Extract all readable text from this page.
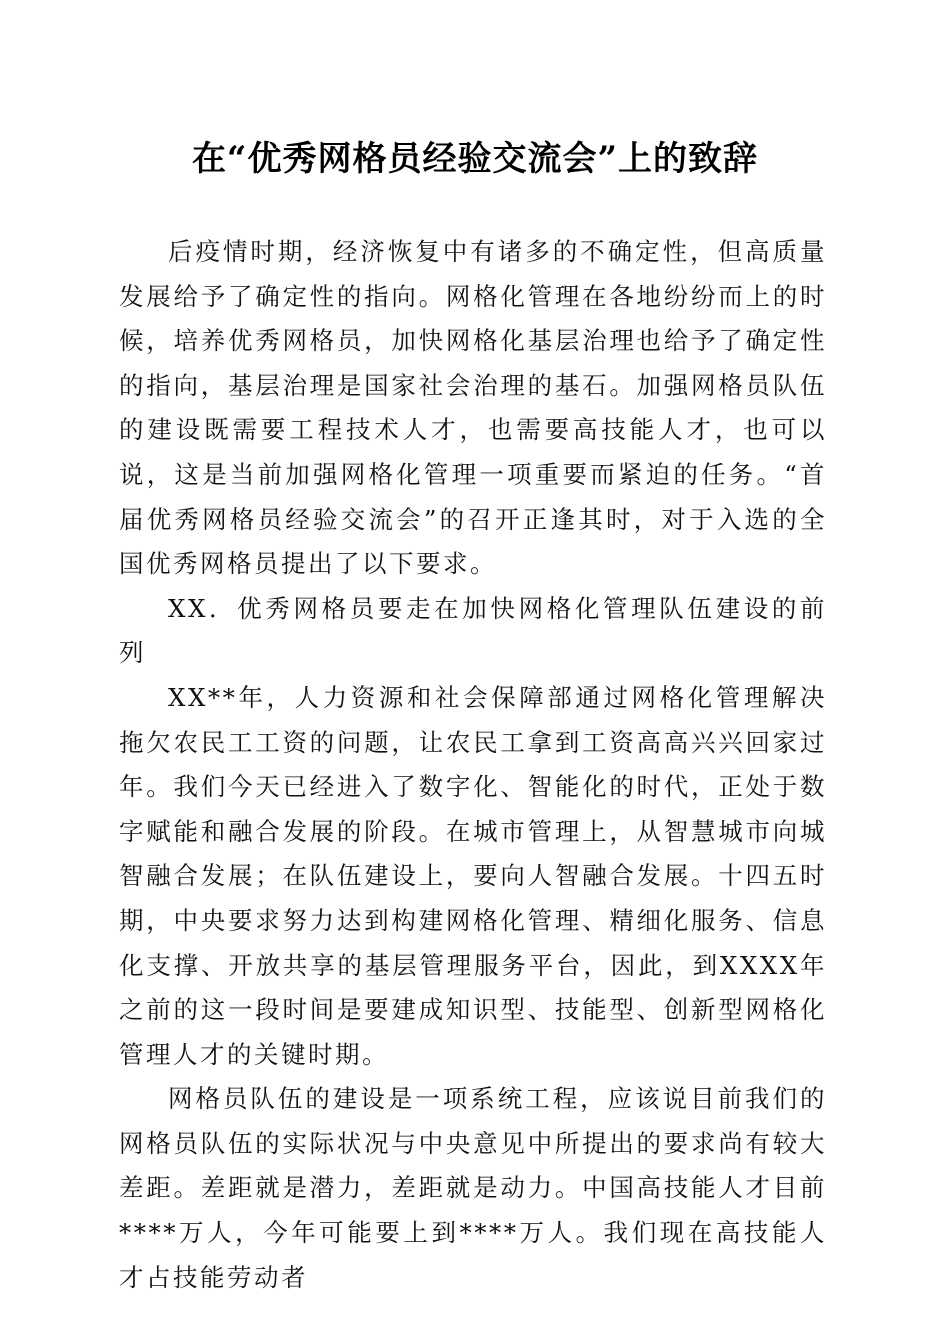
在“优秀网格员经验交流会”上的致辞

后疫情时期，经济恢复中有诸多的不确定性，但高质量发展给予了确定性的指向。网格化管理在各地纷纷而上的时候，培养优秀网格员，加快网格化基层治理也给予了确定性的指向，基层治理是国家社会治理的基石。加强网格员队伍的建设既需要工程技术人才，也需要高技能人才，也可以说，这是当前加强网格化管理一项重要而紧迫的任务。“首届优秀网格员经验交流会”的召开正逢其时，对于入选的全国优秀网格员提出了以下要求。

XX．优秀网格员要走在加快网格化管理队伍建设的前列

XX**年，人力资源和社会保障部通过网格化管理解决拖欠农民工工资的问题，让农民工拿到工资高高兴兴回家过年。我们今天已经进入了数字化、智能化的时代，正处于数字赋能和融合发展的阶段。在城市管理上，从智慧城市向城智融合发展；在队伍建设上，要向人智融合发展。十四五时期，中央要求努力达到构建网格化管理、精细化服务、信息化支撑、开放共享的基层管理服务平台，因此，到XXXX年之前的这一段时间是要建成知识型、技能型、创新型网格化管理人才的关键时期。

网格员队伍的建设是一项系统工程，应该说目前我们的网格员队伍的实际状况与中央意见中所提出的要求尚有较大差距。差距就是潜力，差距就是动力。中国高技能人才目前****万人，今年可能要上到****万人。我们现在高技能人才占技能劳动者
